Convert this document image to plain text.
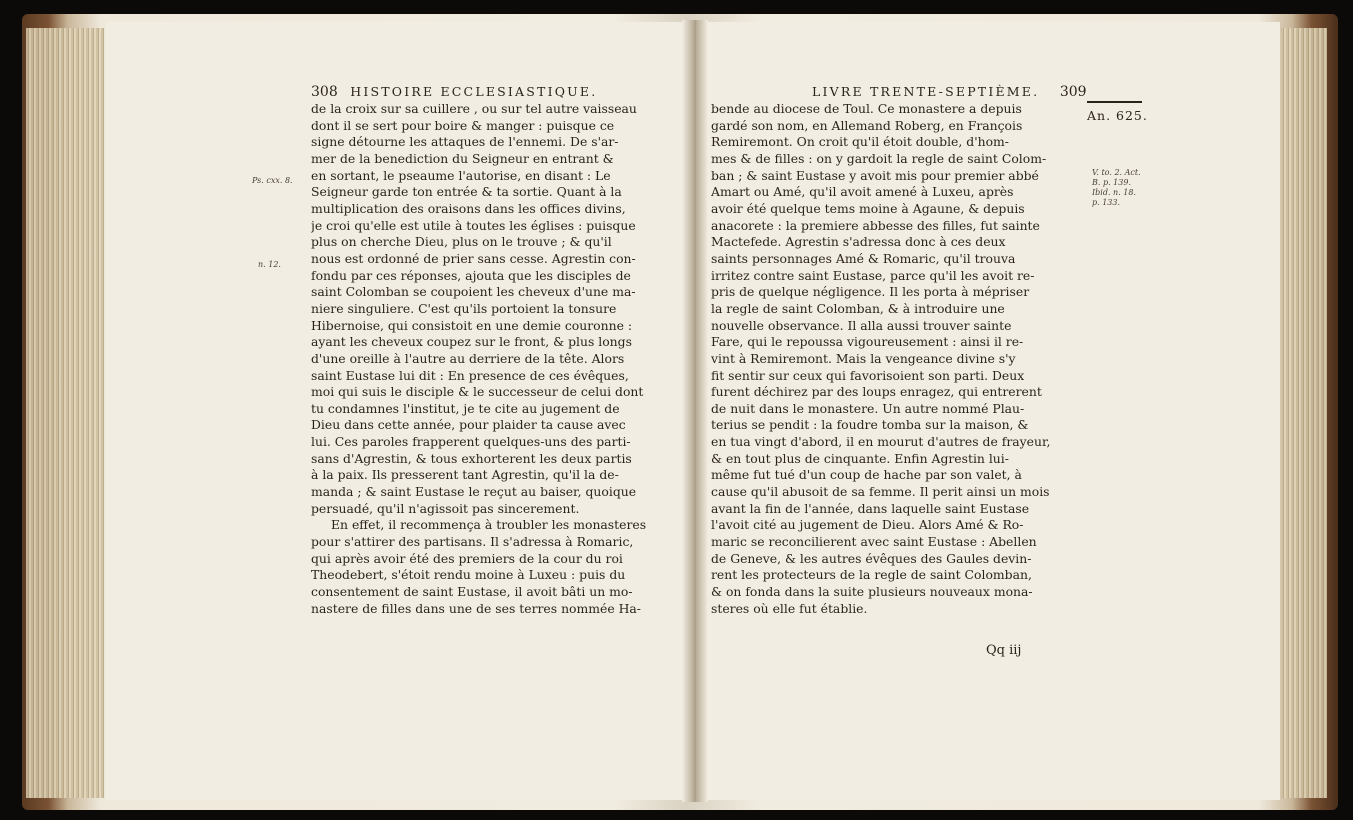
308 HISTOIRE ECCLESIASTIQUE.
Ps. cxx. 8.
n. 12.
de la croix sur sa cuillere , ou sur tel autre vaisseau
dont il se sert pour boire & manger : puisque ce
signe détourne les attaques de l'ennemi. De s'ar-
mer de la benediction du Seigneur en entrant &
en sortant, le pseaume l'autorise, en disant : Le
Seigneur garde ton entrée & ta sortie. Quant à la
multiplication des oraisons dans les offices divins,
je croi qu'elle est utile à toutes les églises : puisque
plus on cherche Dieu, plus on le trouve ; & qu'il
nous est ordonné de prier sans cesse. Agrestin con-
fondu par ces réponses, ajouta que les disciples de
saint Colomban se coupoient les cheveux d'une ma-
niere singuliere. C'est qu'ils portoient la tonsure
Hibernoise, qui consistoit en une demie couronne :
ayant les cheveux coupez sur le front, & plus longs
d'une oreille à l'autre au derriere de la tête. Alors
saint Eustase lui dit : En presence de ces évêques,
moi qui suis le disciple & le successeur de celui dont
tu condamnes l'institut, je te cite au jugement de
Dieu dans cette année, pour plaider ta cause avec
lui. Ces paroles frapperent quelques-uns des parti-
sans d'Agrestin, & tous exhorterent les deux partis
à la paix. Ils presserent tant Agrestin, qu'il la de-
manda ; & saint Eustase le reçut au baiser, quoique
persuadé, qu'il n'agissoit pas sincerement.
En effet, il recommença à troubler les monasteres
pour s'attirer des partisans. Il s'adressa à Romaric,
qui après avoir été des premiers de la cour du roi
Theodebert, s'étoit rendu moine à Luxeu : puis du
consentement de saint Eustase, il avoit bâti un mo-
nastere de filles dans une de ses terres nommée Ha-
LIVRE TRENTE-SEPTIÈME. 309
An. 625.
V. to. 2. Act.
B. p. 139.
Ibid. n. 18.
p. 133.
bende au diocese de Toul. Ce monastere a depuis
gardé son nom, en Allemand Roberg, en François
Remiremont. On croit qu'il étoit double, d'hom-
mes & de filles : on y gardoit la regle de saint Colom-
ban ; & saint Eustase y avoit mis pour premier abbé
Amart ou Amé, qu'il avoit amené à Luxeu, après
avoir été quelque tems moine à Agaune, & depuis
anacorete : la premiere abbesse des filles, fut sainte
Mactefede. Agrestin s'adressa donc à ces deux
saints personnages Amé & Romaric, qu'il trouva
irritez contre saint Eustase, parce qu'il les avoit re-
pris de quelque négligence. Il les porta à mépriser
la regle de saint Colomban, & à introduire une
nouvelle observance. Il alla aussi trouver sainte
Fare, qui le repoussa vigoureusement : ainsi il re-
vint à Remiremont. Mais la vengeance divine s'y
fit sentir sur ceux qui favorisoient son parti. Deux
furent déchirez par des loups enragez, qui entrerent
de nuit dans le monastere. Un autre nommé Plau-
terius se pendit : la foudre tomba sur la maison, &
en tua vingt d'abord, il en mourut d'autres de frayeur,
& en tout plus de cinquante. Enfin Agrestin lui-
même fut tué d'un coup de hache par son valet, à
cause qu'il abusoit de sa femme. Il perit ainsi un mois
avant la fin de l'année, dans laquelle saint Eustase
l'avoit cité au jugement de Dieu. Alors Amé & Ro-
maric se reconcilierent avec saint Eustase : Abellen
de Geneve, & les autres évêques des Gaules devin-
rent les protecteurs de la regle de saint Colomban,
& on fonda dans la suite plusieurs nouveaux mona-
steres où elle fut établie.
Qq iij
